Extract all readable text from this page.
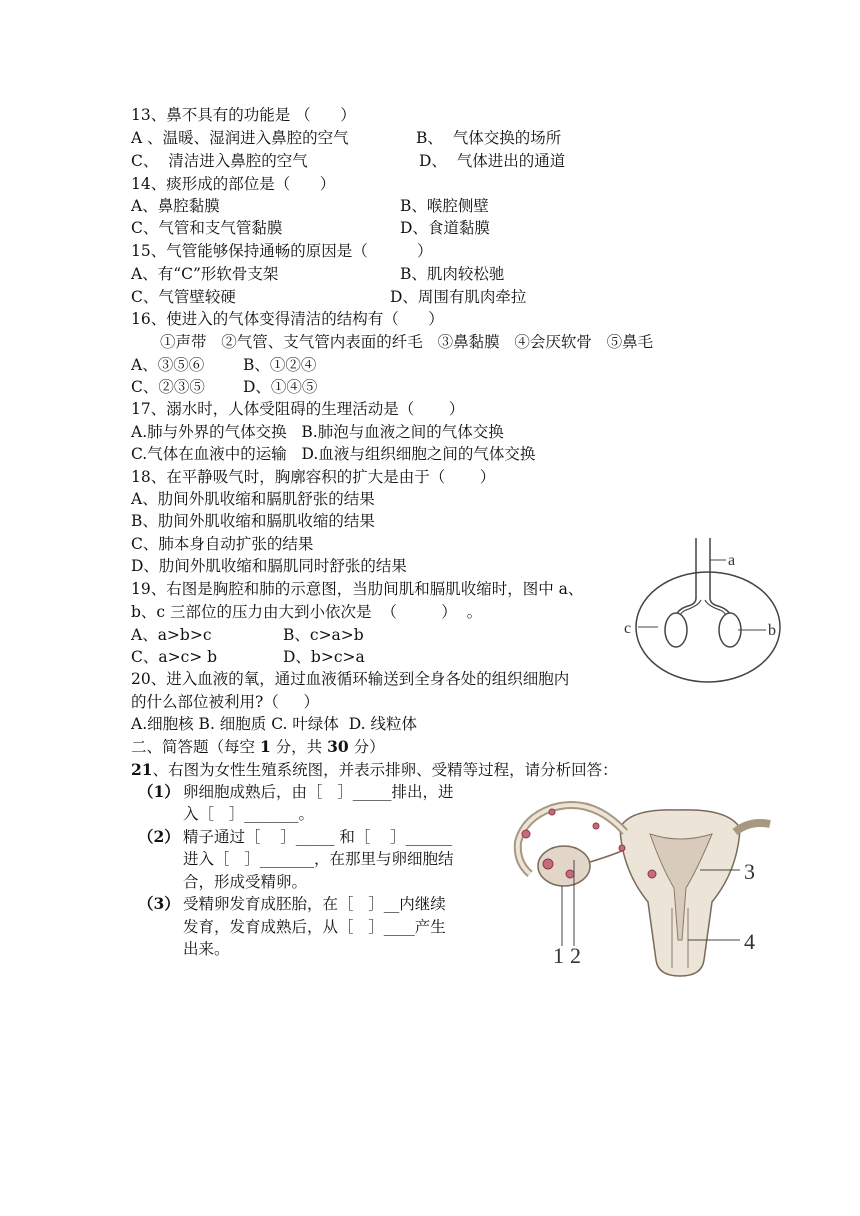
13、鼻不具有的功能是 （      ）
A 、温暖、湿润进入鼻腔的空气	B、  气体交换的场所
C、  清洁进入鼻腔的空气	D、  气体进出的通道
14、痰形成的部位是（      ）
A、鼻腔黏膜	B、喉腔侧壁
C、气管和支气管黏膜	D、食道黏膜
15、气管能够保持通畅的原因是（          ）
A、有“C”形软骨支架	B、肌肉较松驰
C、气管壁较硬	D、周围有肌肉牵拉
16、使进入的气体变得清洁的结构有（      ）
①声带   ②气管、支气管内表面的纤毛   ③鼻黏膜   ④会厌软骨   ⑤鼻毛
A、③⑤⑥	B、①②④
C、②③⑤ D、①④⑤
17、溺水时，人体受阻碍的生理活动是（       ）
A.肺与外界的气体交换   B.肺泡与血液之间的气体交换
C.气体在血液中的运输   D.血液与组织细胞之间的气体交换
18、在平静吸气时，胸廓容积的扩大是由于（       ）
A、肋间外肌收缩和膈肌舒张的结果
B、肋间外肌收缩和膈肌收缩的结果
C、肺本身自动扩张的结果
D、肋间外肌收缩和膈肌同时舒张的结果
19、右图是胸腔和肺的示意图，当肋间肌和膈肌收缩时，图中 a、
b、c 三部位的压力由大到小依次是  （         ）  。
A、a>b>c	B、c>a>b
C、a>c> b	D、b>c>a
20、进入血液的氧，通过血液循环输送到全身各处的组织细胞内
的什么部位被利用?（     ）
A.细胞核 B. 细胞质 C. 叶绿体  D. 线粒体
二、简答题（每空 1 分，共 30 分）
21、右图为女性生殖系统图，并表示排卵、受精等过程，请分析回答：
（1） 卵细胞成熟后，由［   ］_____排出，进
入［   ］_______。
（2） 精子通过［    ］_____ 和［    ］______
进入［   ］_______，在那里与卵细胞结
合，形成受精卵。
（3） 受精卵发育成胚胎，在［   ］__内继续
发育，发育成熟后，从［   ］____产生
出来。
a
b
c
1 2
3
4
